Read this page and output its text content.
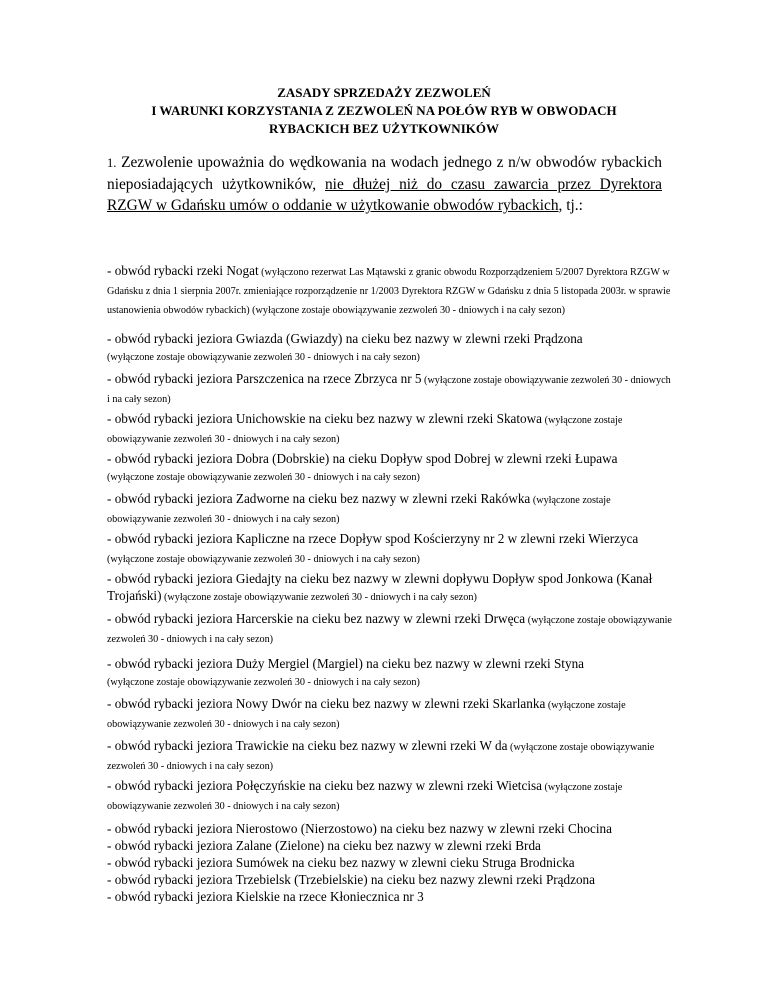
ZASADY SPRZEDAŻY ZEZWOLEŃ
I WARUNKI KORZYSTANIA Z ZEZWOLEŃ NA POŁÓW RYB W OBWODACH
RYBACKICH BEZ UŻYTKOWNIKÓW
1. Zezwolenie upoważnia do wędkowania na wodach jednego z n/w obwodów rybackich nieposiadających użytkowników, nie dłużej niż do czasu zawarcia przez Dyrektora RZGW w Gdańsku umów o oddanie w użytkowanie obwodów rybackich, tj.:
- obwód rybacki rzeki Nogat (wyłączono rezerwat Las Mątawski z granic obwodu Rozporządzeniem 5/2007 Dyrektora RZGW w Gdańsku z dnia 1 sierpnia 2007r. zmieniające rozporządzenie nr 1/2003 Dyrektora RZGW w Gdańsku z dnia 5 listopada 2003r. w sprawie ustanowienia obwodów rybackich) (wyłączone zostaje obowiązywanie zezwoleń 30 - dniowych i na cały sezon)
- obwód rybacki jeziora Gwiazda (Gwiazdy) na cieku bez nazwy w zlewni rzeki Prądzona
(wyłączone zostaje obowiązywanie zezwoleń 30 - dniowych i na cały sezon)
- obwód rybacki jeziora Parszczenica na rzece Zbrzyca nr 5 (wyłączone zostaje obowiązywanie zezwoleń 30 - dniowych i na cały sezon)
- obwód rybacki jeziora Unichowskie na cieku bez nazwy w zlewni rzeki Skatowa (wyłączone zostaje obowiązywanie zezwoleń 30 - dniowych i na cały sezon)
- obwód rybacki jeziora Dobra (Dobrskie) na cieku Dopływ spod Dobrej w zlewni rzeki Łupawa
(wyłączone zostaje obowiązywanie zezwoleń 30 - dniowych i na cały sezon)
- obwód rybacki jeziora Zadworne na cieku bez nazwy w zlewni rzeki Rakówka (wyłączone zostaje obowiązywanie zezwoleń 30 - dniowych i na cały sezon)
- obwód rybacki jeziora Kapliczne na rzece Dopływ spod Kościerzyny nr 2 w zlewni rzeki Wierzyca (wyłączone zostaje obowiązywanie zezwoleń 30 - dniowych i na cały sezon)
- obwód rybacki jeziora Giedajty na cieku bez nazwy w zlewni dopływu Dopływ spod Jonkowa (Kanał Trojański) (wyłączone zostaje obowiązywanie zezwoleń 30 - dniowych i na cały sezon)
- obwód rybacki jeziora Harcerskie na cieku bez nazwy w zlewni rzeki Drwęca (wyłączone zostaje obowiązywanie zezwoleń 30 - dniowych i na cały sezon)
- obwód rybacki jeziora Duży Mergiel (Margiel) na cieku bez nazwy w zlewni rzeki Styna
(wyłączone zostaje obowiązywanie zezwoleń 30 - dniowych i na cały sezon)
- obwód rybacki jeziora Nowy Dwór na cieku bez nazwy w zlewni rzeki Skarlanka (wyłączone zostaje obowiązywanie zezwoleń 30 - dniowych i na cały sezon)
- obwód rybacki jeziora Trawickie na cieku bez nazwy w zlewni rzeki W da (wyłączone zostaje obowiązywanie zezwoleń 30 - dniowych i na cały sezon)
- obwód rybacki jeziora Połęczyńskie na cieku bez nazwy w zlewni rzeki Wietcisa (wyłączone zostaje obowiązywanie zezwoleń 30 - dniowych i na cały sezon)
- obwód rybacki jeziora Nierostowo (Nierzostowo) na cieku bez nazwy w zlewni rzeki Chocina
- obwód rybacki jeziora Zalane (Zielone) na cieku bez nazwy w zlewni rzeki Brda
- obwód rybacki jeziora Sumówek na cieku bez nazwy w zlewni cieku Struga Brodnicka
- obwód rybacki jeziora Trzebielsk (Trzebielskie) na cieku bez nazwy zlewni rzeki Prądzona
- obwód rybacki jeziora Kielskie na rzece Kłoniecznica nr 3
